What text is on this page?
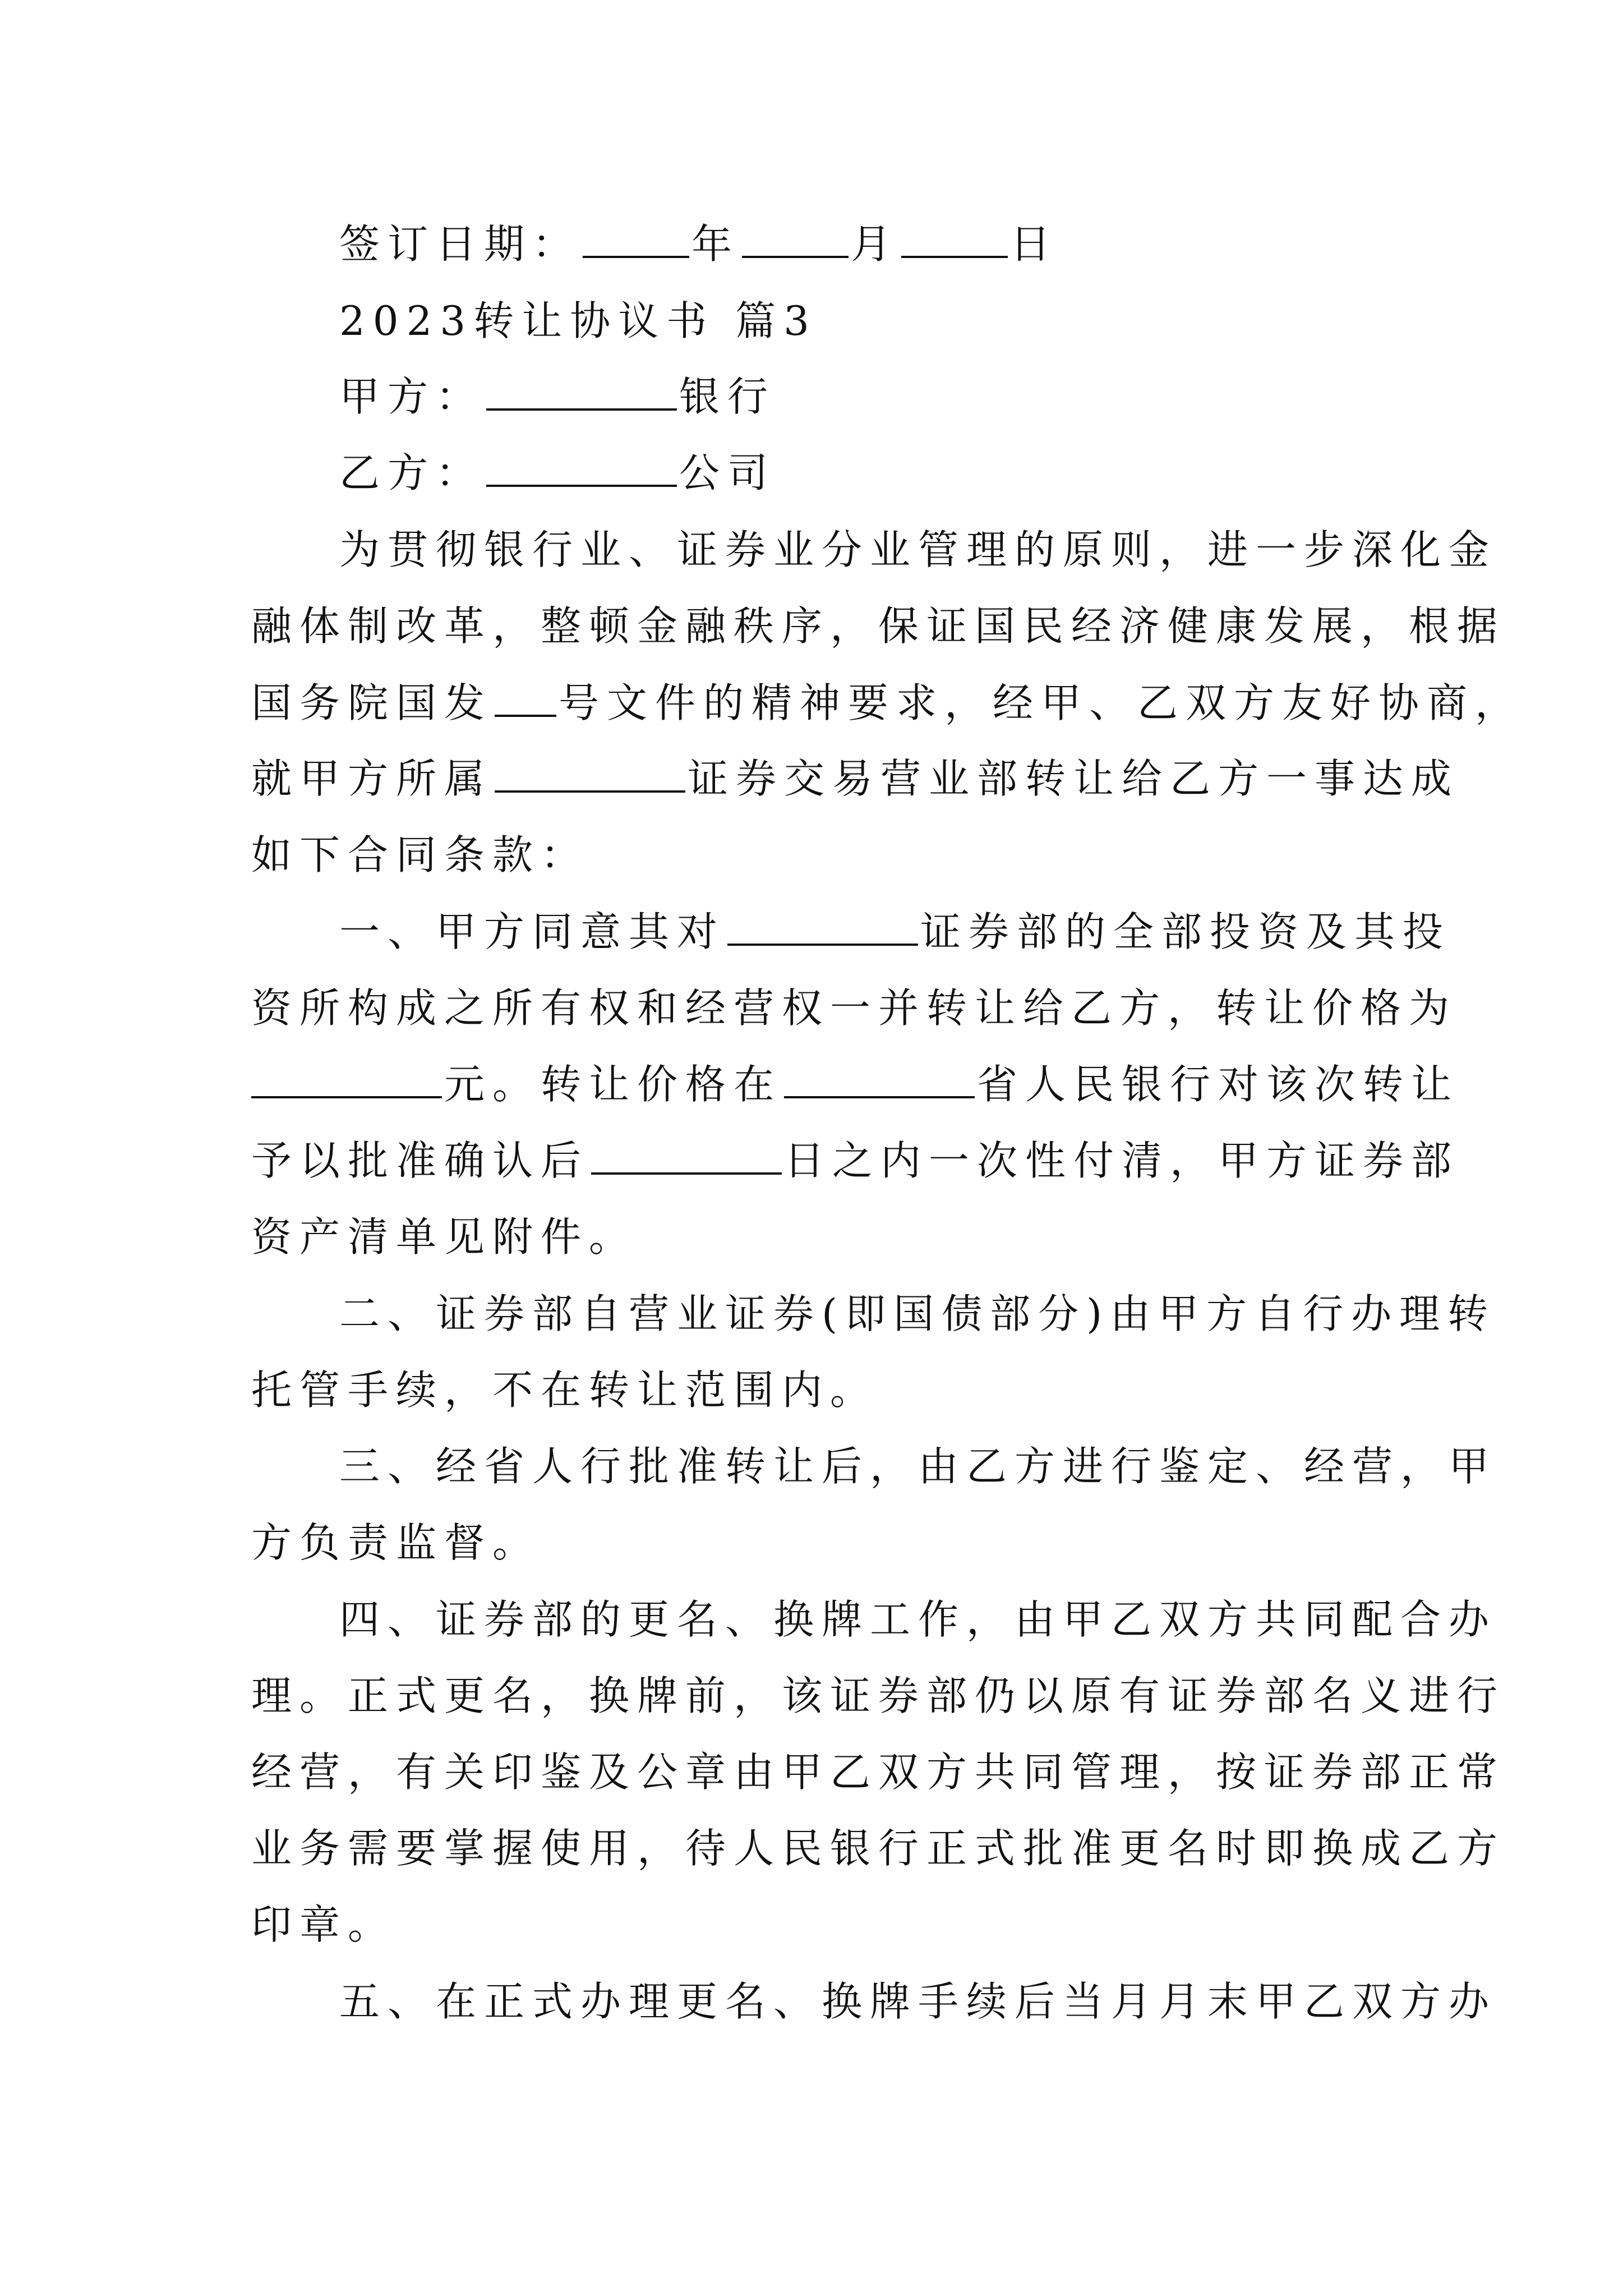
签订日期：	年	月	日
2023转让协议书 篇3
甲方：	银行
乙方：	公司
为贯彻银行业、证券业分业管理的原则，进一步深化金
融体制改革，整顿金融秩序，保证国民经济健康发展，根据
国务院国发 号文件的精神要求，经甲、乙双方友好协商，
就甲方所属	证券交易营业部转让给乙方一事达成
如下合同条款：
一、甲方同意其对	证券部的全部投资及其投
资所构成之所有权和经营权一并转让给乙方，转让价格为
元。转让价格在	省人民银行对该次转让
予以批准确认后	日之内一次性付清，甲方证券部
资产清单见附件。
二、证券部自营业证券(即国债部分)由甲方自行办理转
托管手续，不在转让范围内。
三、经省人行批准转让后，由乙方进行鉴定、经营，甲
方负责监督。
四、证券部的更名、换牌工作，由甲乙双方共同配合办
理。正式更名，换牌前，该证券部仍以原有证券部名义进行
经营，有关印鉴及公章由甲乙双方共同管理，按证券部正常
业务需要掌握使用，待人民银行正式批准更名时即换成乙方
印章。
五、在正式办理更名、换牌手续后当月月末甲乙双方办
